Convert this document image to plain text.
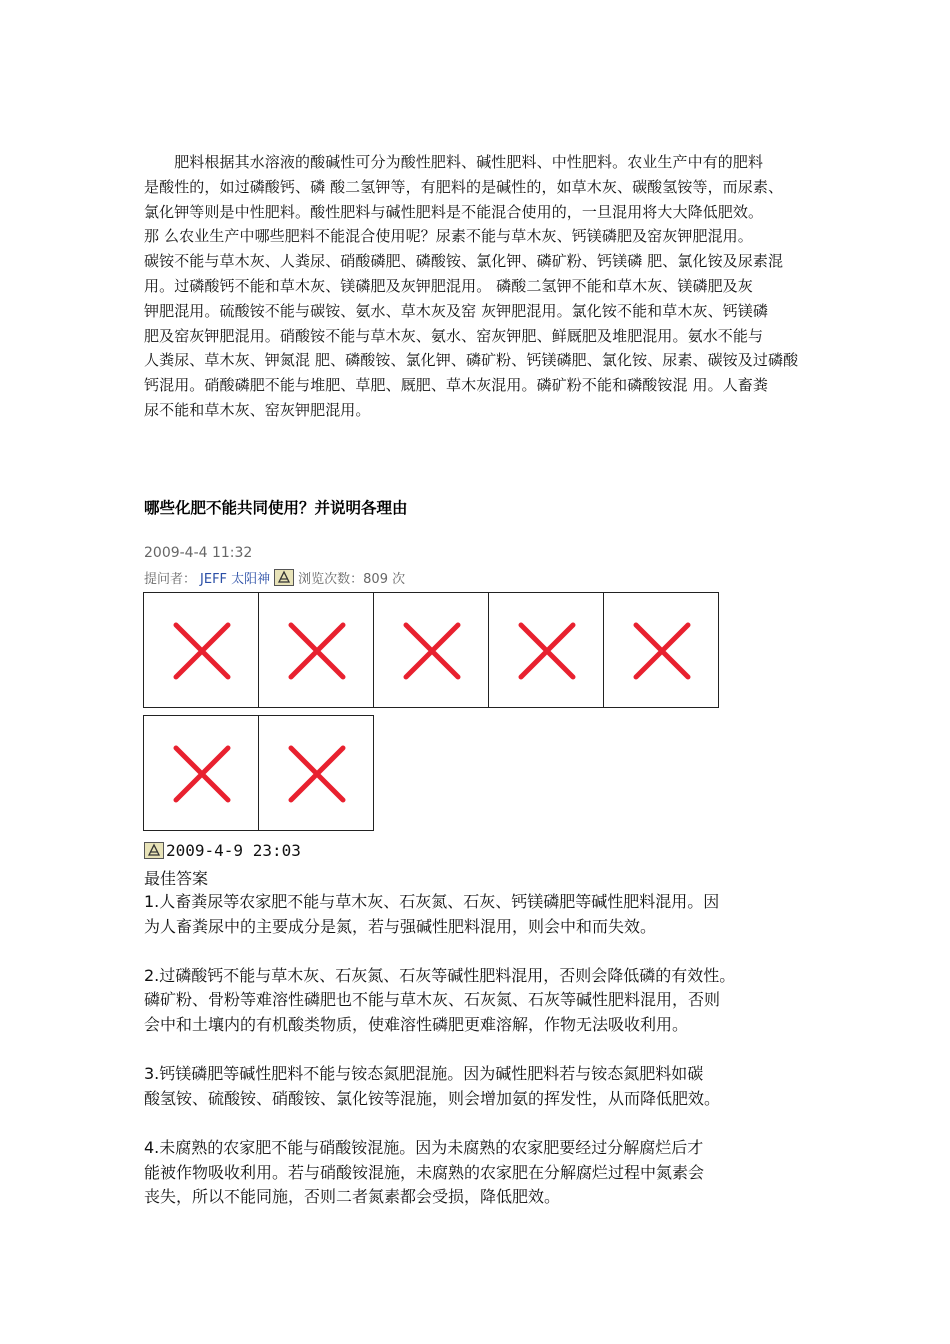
　　肥料根据其水溶液的酸碱性可分为酸性肥料、碱性肥料、中性肥料。农业生产中有的肥料
是酸性的，如过磷酸钙、磷 酸二氢钾等，有肥料的是碱性的，如草木灰、碳酸氢铵等，而尿素、
氯化钾等则是中性肥料。酸性肥料与碱性肥料是不能混合使用的，一旦混用将大大降低肥效。
那 么农业生产中哪些肥料不能混合使用呢？尿素不能与草木灰、钙镁磷肥及窑灰钾肥混用。
碳铵不能与草木灰、人粪尿、硝酸磷肥、磷酸铵、氯化钾、磷矿粉、钙镁磷 肥、氯化铵及尿素混
用。过磷酸钙不能和草木灰、镁磷肥及灰钾肥混用。 磷酸二氢钾不能和草木灰、镁磷肥及灰
钾肥混用。硫酸铵不能与碳铵、氨水、草木灰及窑 灰钾肥混用。氯化铵不能和草木灰、钙镁磷
肥及窑灰钾肥混用。硝酸铵不能与草木灰、氨水、窑灰钾肥、鲜厩肥及堆肥混用。氨水不能与
人粪尿、草木灰、钾氮混 肥、磷酸铵、氯化钾、磷矿粉、钙镁磷肥、氯化铵、尿素、碳铵及过磷酸
钙混用。硝酸磷肥不能与堆肥、草肥、厩肥、草木灰混用。磷矿粉不能和磷酸铵混 用。人畜粪
尿不能和草木灰、窑灰钾肥混用。

哪些化肥不能共同使用？并说明各理由
2009-4-4 11:32
提问者： JEFF 太阳神 浏览次数：809 次
2009-4-9 23:03
最佳答案

1.人畜粪尿等农家肥不能与草木灰、石灰氮、石灰、钙镁磷肥等碱性肥料混用。因
为人畜粪尿中的主要成分是氮，若与强碱性肥料混用，则会中和而失效。

2.过磷酸钙不能与草木灰、石灰氮、石灰等碱性肥料混用，否则会降低磷的有效性。
磷矿粉、骨粉等难溶性磷肥也不能与草木灰、石灰氮、石灰等碱性肥料混用，否则
会中和土壤内的有机酸类物质，使难溶性磷肥更难溶解，作物无法吸收利用。

3.钙镁磷肥等碱性肥料不能与铵态氮肥混施。因为碱性肥料若与铵态氮肥料如碳
酸氢铵、硫酸铵、硝酸铵、氯化铵等混施，则会增加氨的挥发性，从而降低肥效。

4.未腐熟的农家肥不能与硝酸铵混施。因为未腐熟的农家肥要经过分解腐烂后才
能被作物吸收利用。若与硝酸铵混施，未腐熟的农家肥在分解腐烂过程中氮素会
丧失，所以不能同施，否则二者氮素都会受损，降低肥效。
